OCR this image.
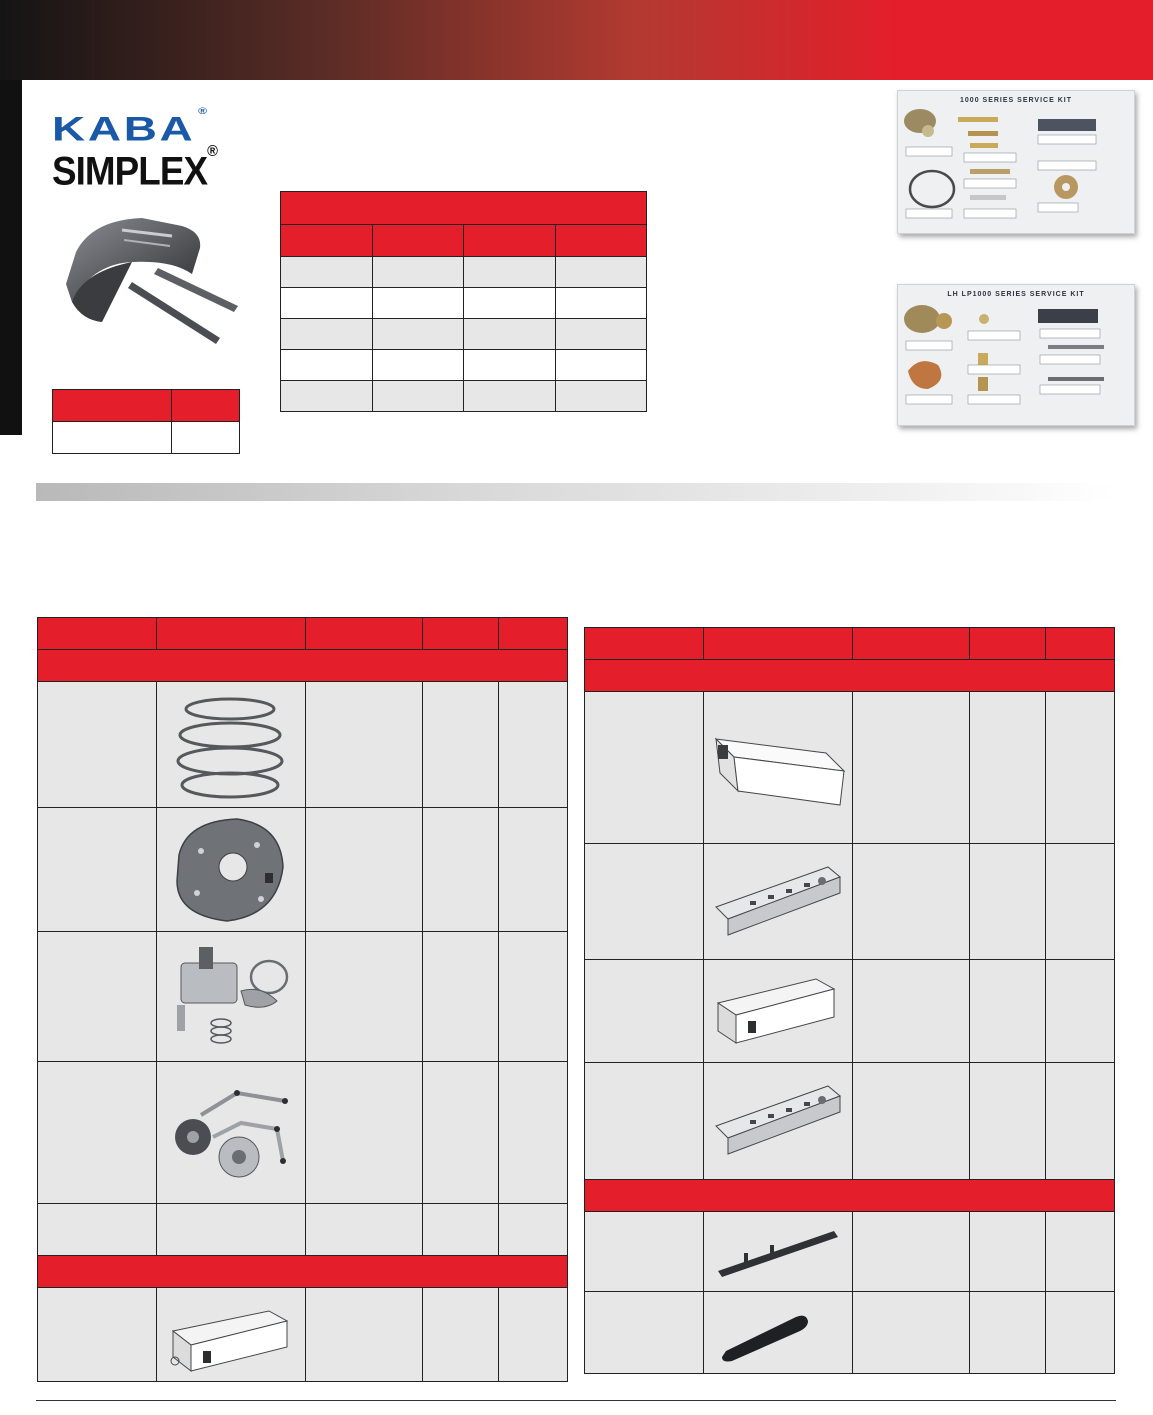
KABA ®
SIMPLEX®

1000 SERIES SERVICE KIT
LH LP1000 SERIES SERVICE KIT
